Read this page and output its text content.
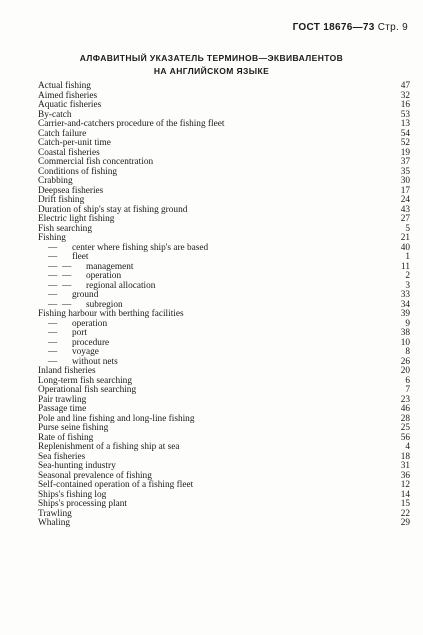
ГОСТ 18676—73 Стр. 9
АЛФАВИТНЫЙ УКАЗАТЕЛЬ ТЕРМИНОВ—ЭКВИВАЛЕНТОВ
НА АНГЛИЙСКОМ ЯЗЫКЕ
Actual fishing	47
Aimed fisheries	32
Aquatic fisheries	16
By-catch	53
Carrier-and-catchers procedure of the fishing fleet	13
Catch failure	54
Catch-per-unit time	52
Coastal fisheries	19
Commercial fish concentration	37
Conditions of fishing	35
Crabbing	30
Deepsea fisheries	17
Drift fishing	24
Duration of ship's stay at fishing ground	43
Electric light fishing	27
Fish searching	5
Fishing	21
— center where fishing ship's are based	40
— fleet	1
— — management	11
— — operation	2
— — regional allocation	3
— ground	33
— — subregion	34
Fishing harbour with berthing facilities	39
— operation	9
— port	38
— procedure	10
— voyage	8
— without nets	26
Inland fisheries	20
Long-term fish searching	6
Operational fish searching	7
Pair trawling	23
Passage time	46
Pole and line fishing and long-line fishing	28
Purse seine fishing	25
Rate of fishing	56
Replenishment of a fishing ship at sea	4
Sea fisheries	18
Sea-hunting industry	31
Seasonal prevalence of fishing	36
Self-contained operation of a fishing fleet	12
Ships's fishing log	14
Ships's processing plant	15
Trawling	22
Whaling	29
